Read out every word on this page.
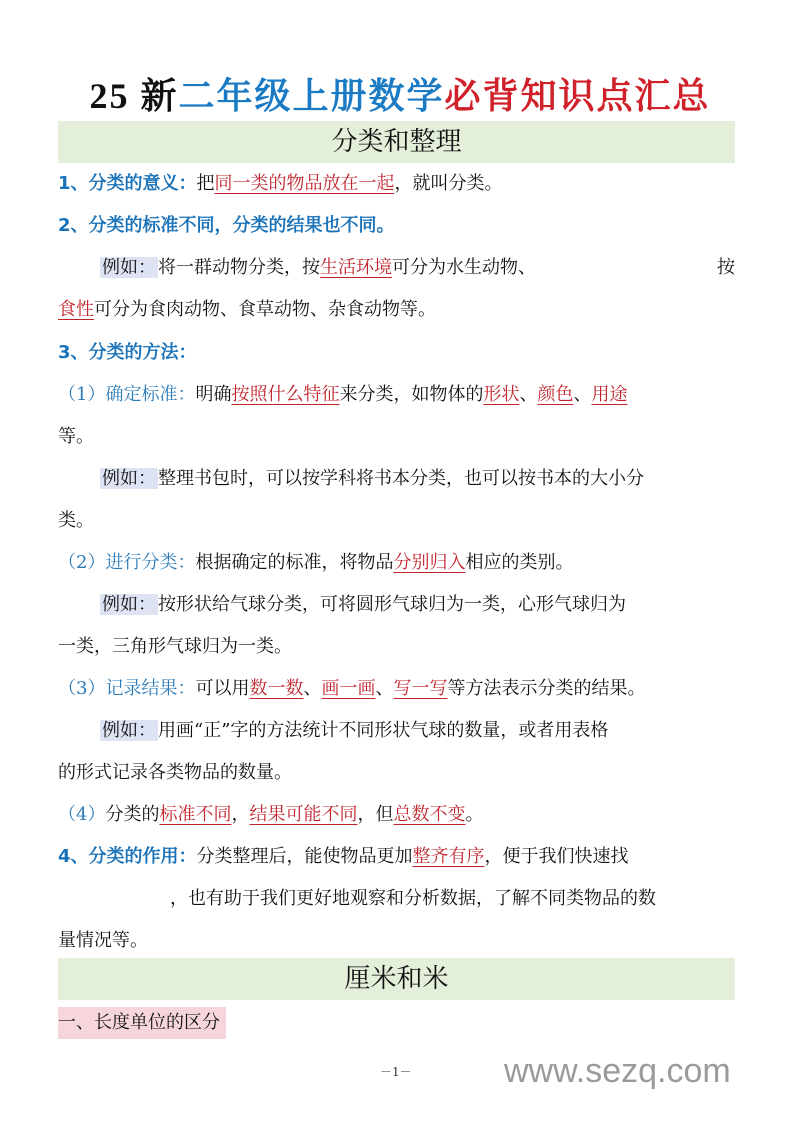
25 新二年级上册数学必背知识点汇总
分类和整理
1、分类的意义：把同一类的物品放在一起，就叫分类。
2、分类的标准不同，分类的结果也不同。
例如： 将一群动物分类，按生活环境可分为水生动物、	按
食性可分为食肉动物、食草动物、杂食动物等。
3、分类的方法：
（1）确定标准：明确按照什么特征来分类，如物体的形状、颜色、用途
等。
例如： 整理书包时，可以按学科将书本分类，也可以按书本的大小分
类。
（2）进行分类：根据确定的标准，将物品分别归入相应的类别。
例如： 按形状给气球分类，可将圆形气球归为一类，心形气球归为
一类，三角形气球归为一类。
（3）记录结果：可以用数一数、画一画、写一写等方法表示分类的结果。
例如： 用画“正”字的方法统计不同形状气球的数量，或者用表格
的形式记录各类物品的数量。
（4）分类的标准不同，结果可能不同，但总数不变。
4、分类的作用：分类整理后，能使物品更加整齐有序，便于我们快速找
，也有助于我们更好地观察和分析数据，了解不同类物品的数
量情况等。
厘米和米
一、长度单位的区分
－1－	www.sezq.com
